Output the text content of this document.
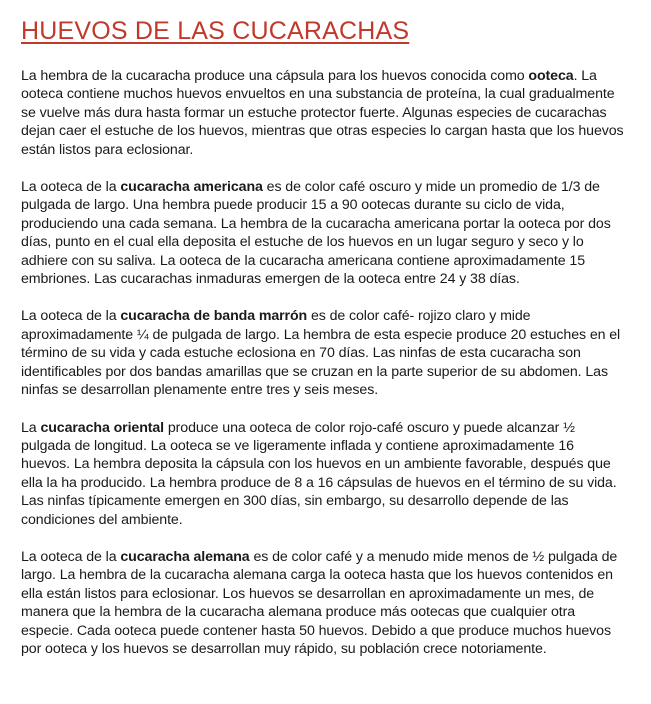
HUEVOS DE LAS CUCARACHAS

La hembra de la cucaracha produce una cápsula para los huevos conocida como ooteca. La ooteca contiene muchos huevos envueltos en una substancia de proteína, la cual gradualmente se vuelve más dura hasta formar un estuche protector fuerte. Algunas especies de cucarachas dejan caer el estuche de los huevos, mientras que otras especies lo cargan hasta que los huevos están listos para eclosionar.

La ooteca de la cucaracha americana es de color café oscuro y mide un promedio de 1/3 de pulgada de largo. Una hembra puede producir 15 a 90 ootecas durante su ciclo de vida, produciendo una cada semana. La hembra de la cucaracha americana portar la ooteca por dos días, punto en el cual ella deposita el estuche de los huevos en un lugar seguro y seco y lo adhiere con su saliva. La ooteca de la cucaracha americana contiene aproximadamente 15 embriones. Las cucarachas inmaduras emergen de la ooteca entre 24 y 38 días.

La ooteca de la cucaracha de banda marrón es de color café- rojizo claro y mide aproximadamente ¼ de pulgada de largo. La hembra de esta especie produce 20 estuches en el término de su vida y cada estuche eclosiona en 70 días. Las ninfas de esta cucaracha son identificables por dos bandas amarillas que se cruzan en la parte superior de su abdomen. Las ninfas se desarrollan plenamente entre tres y seis meses.

La cucaracha oriental produce una ooteca de color rojo-café oscuro y puede alcanzar ½ pulgada de longitud. La ooteca se ve ligeramente inflada y contiene aproximadamente 16 huevos. La hembra deposita la cápsula con los huevos en un ambiente favorable, después que ella la ha producido. La hembra produce de 8 a 16 cápsulas de huevos en el término de su vida. Las ninfas típicamente emergen en 300 días, sin embargo, su desarrollo depende de las condiciones del ambiente.

La ooteca de la cucaracha alemana es de color café y a menudo mide menos de ½ pulgada de largo. La hembra de la cucaracha alemana carga la ooteca hasta que los huevos contenidos en ella están listos para eclosionar. Los huevos se desarrollan en aproximadamente un mes, de manera que la hembra de la cucaracha alemana produce más ootecas que cualquier otra especie. Cada ooteca puede contener hasta 50 huevos. Debido a que produce muchos huevos por ooteca y los huevos se desarrollan muy rápido, su población crece notoriamente.
